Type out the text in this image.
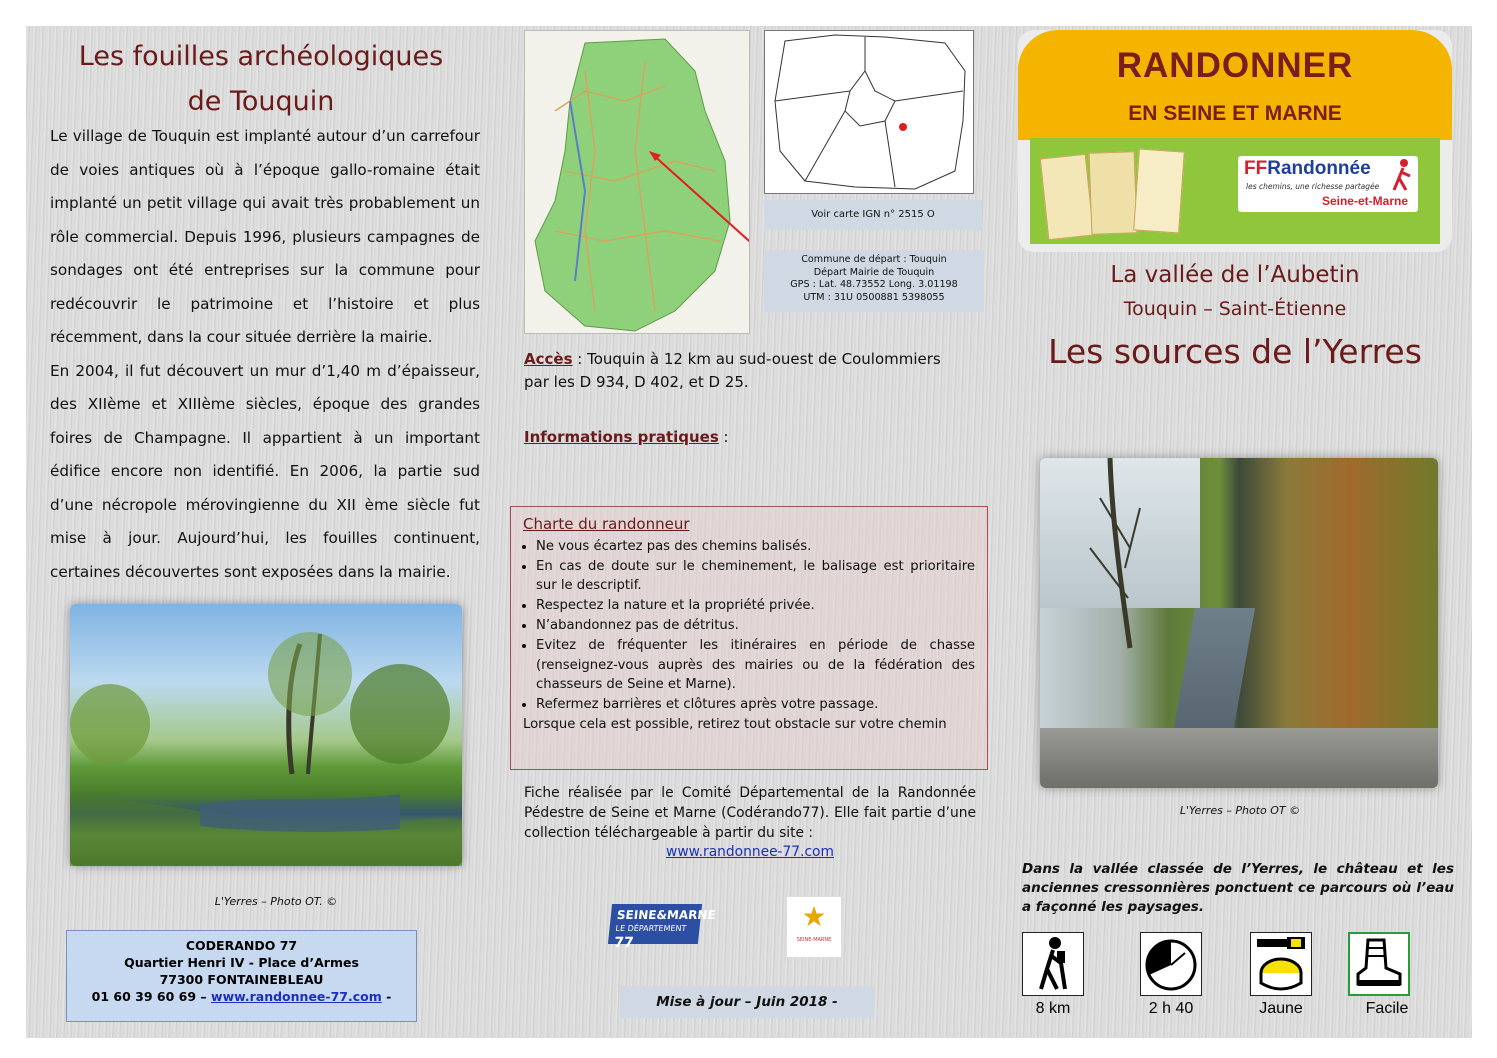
Les fouilles archéologiques
de Touquin

Le village de Touquin est implanté autour d’un carrefour de voies antiques où à l’époque gallo-romaine était implanté un petit village qui avait très probablement un rôle commercial. Depuis 1996, plusieurs campagnes de sondages ont été entreprises sur la commune pour redécouvrir le patrimoine et l’histoire et plus récemment, dans la cour située derrière la mairie.

En 2004, il fut découvert un mur d’1,40 m d’épaisseur, des XIIème et XIIIème siècles, époque des grandes foires de Champagne. Il appartient à un important édifice encore non identifié. En 2006, la partie sud d’une nécropole mérovingienne du XII ème siècle fut mise à jour. Aujourd’hui, les fouilles continuent, certaines découvertes sont exposées dans la mairie.

L'Yerres – Photo OT. ©
CODERANDO 77
Quartier Henri IV - Place d’Armes
77300 FONTAINEBLEAU
01 60 39 60 69 – www.randonnee-77.com -
Voir carte IGN n° 2515 O
Commune de départ : Touquin
Départ Mairie de Touquin
GPS : Lat. 48.73552 Long. 3.01198
UTM : 31U 0500881 5398055
Accès : Touquin à 12 km au sud-ouest de Coulommiers par les D 934, D 402, et D 25.
Informations pratiques :
Charte du randonneur
• Ne vous écartez pas des chemins balisés.
• En cas de doute sur le cheminement, le balisage est prioritaire sur le descriptif.
• Respectez la nature et la propriété privée.
• N’abandonnez pas de détritus.
• Evitez de fréquenter les itinéraires en période de chasse (renseignez-vous auprès des mairies ou de la fédération des chasseurs de Seine et Marne).
• Refermez barrières et clôtures après votre passage.
Lorsque cela est possible, retirez tout obstacle sur votre chemin
Fiche réalisée par le Comité Départemental de la Randonnée Pédestre de Seine et Marne (Codérando77). Elle fait partie d’une collection téléchargeable à partir du site :
www.randonnee-77.com
SEINE&MARNE
LE DÉPARTEMENT 77
★
SEINE-MARNE
Mise à jour – Juin 2018 -
RANDONNER
EN SEINE ET MARNE
FFRandonnée
les chemins, une richesse partagée
Seine-et-Marne
La vallée de l’Aubetin
Touquin – Saint-Étienne
Les sources de l’Yerres
L'Yerres – Photo OT ©
Dans la vallée classée de l’Yerres, le château et les anciennes cressonnières ponctuent ce parcours où l’eau a façonné les paysages.
8 km	2 h 40	Jaune	Facile
